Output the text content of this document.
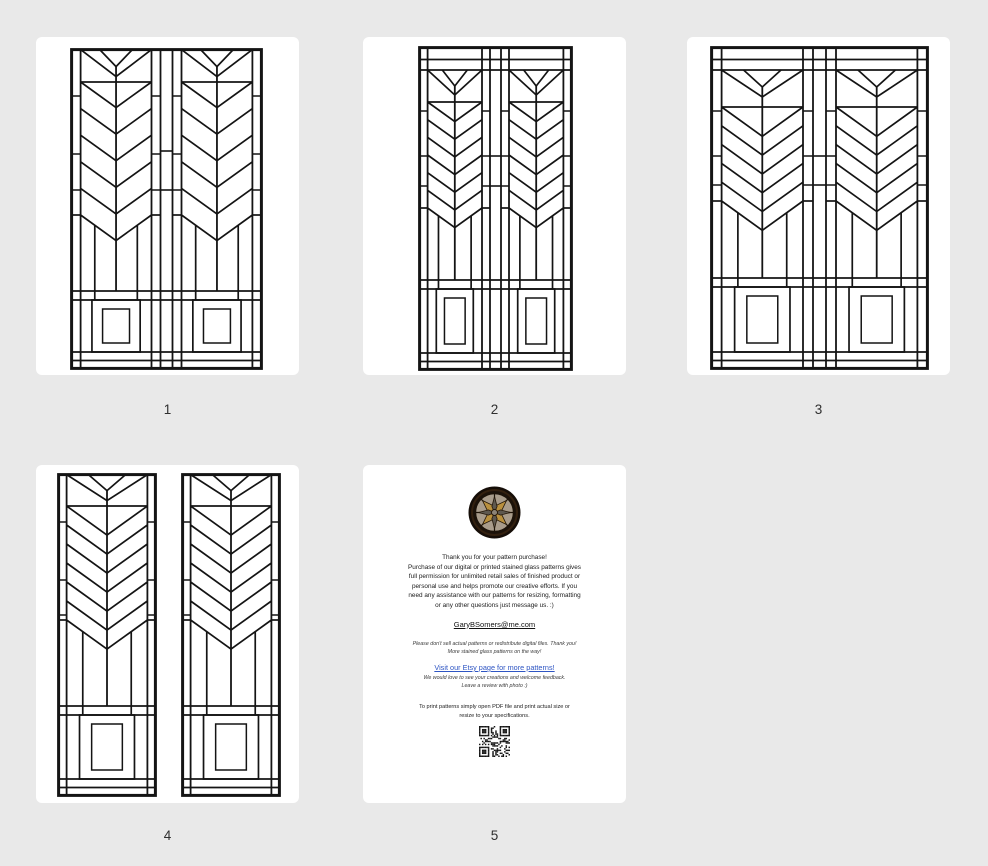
1	2	3
4
Thank you for your pattern purchase!
Purchase of our digital or printed stained glass patterns gives
full permission for unlimited retail sales of finished product or
personal use and helps promote our creative efforts. If you
need any assistance with our patterns for resizing, formatting
or any other questions just message us. :)
GaryBSomers@me.com
Please don't sell actual patterns or redistribute digital files. Thank you!
More stained glass patterns on the way!
Visit our Etsy page for more patterns!
We would love to see your creations and welcome feedback.
Leave a review with photo :)
To print patterns simply open PDF file and print actual size or
resize to your specifications.
5
